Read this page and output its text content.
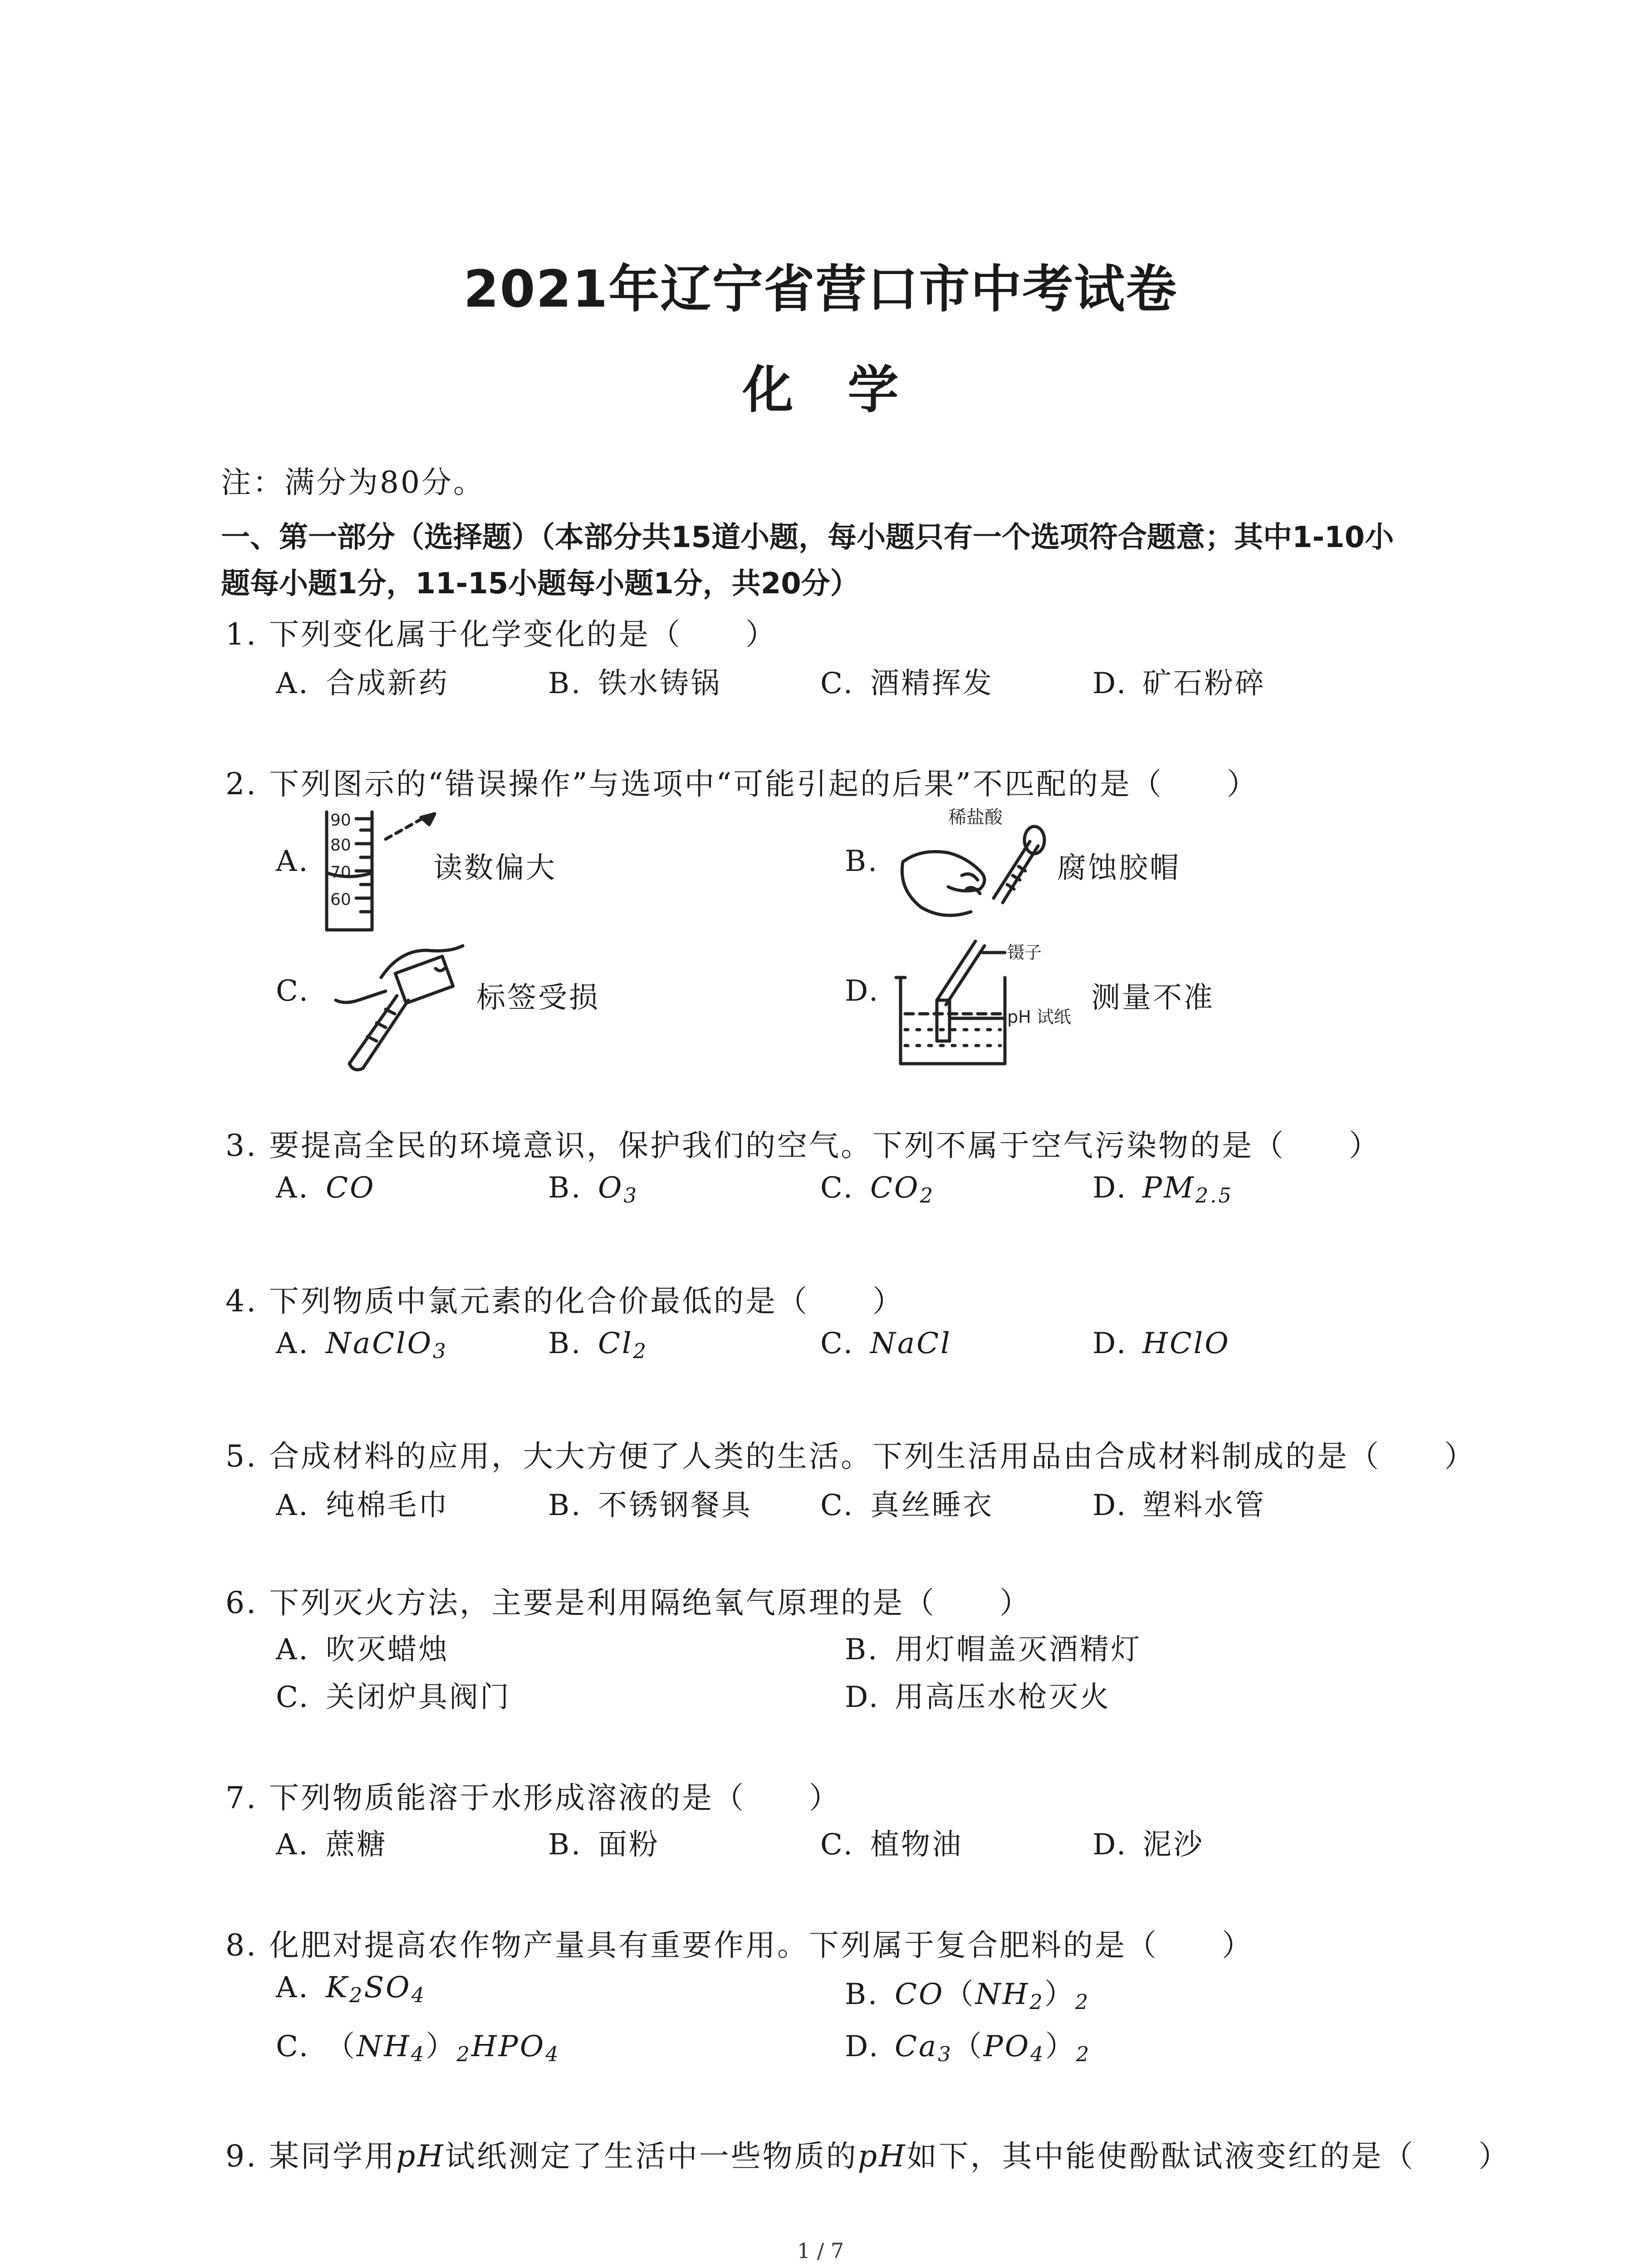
2021年辽宁省营口市中考试卷
化学
注：满分为80分。
一、第一部分（选择题）（本部分共15道小题，每小题只有一个选项符合题意；其中1-10小
题每小题1分，11-15小题每小题1分，共20分）
1. 下列变化属于化学变化的是（　　）
A. 合成新药	B. 铁水铸锅	C. 酒精挥发	D. 矿石粉碎
2. 下列图示的“错误操作”与选项中“可能引起的后果”不匹配的是（　　）
A.
90
80
70
60
读数偏大	B.
稀盐酸
腐蚀胶帽
C.	标签受损	D.
镊子
pH 试纸
测量不准
3. 要提高全民的环境意识，保护我们的空气。下列不属于空气污染物的是（　　）
A. CO	B. $O_3$	C. $CO_2$	D. $PM_{2.5}$
4. 下列物质中氯元素的化合价最低的是（　　）
A. NaClO$_3$	B. $Cl_2$	C. NaCl	D. HClO
5. 合成材料的应用，大大方便了人类的生活。下列生活用品由合成材料制成的是（　　）
A. 纯棉毛巾	B. 不锈钢餐具 C. 真丝睡衣	D. 塑料水管
6. 下列灭火方法，主要是利用隔绝氧气原理的是（　　）
A. 吹灭蜡烛	B. 用灯帽盖灭酒精灯
C. 关闭炉具阀门	D. 用高压水枪灭火
7. 下列物质能溶于水形成溶液的是（　　）
A. 蔗糖	B. 面粉	C. 植物油	D. 泥沙
8. 化肥对提高农作物产量具有重要作用。下列属于复合肥料的是（　　）
A. $K_2SO_4$	B. $CO(NH_2)_2$
C. $(NH_4)_2HPO_4$	D. $Ca_3(PO_4)_2$
9. 某同学用pH试纸测定了生活中一些物质的pH如下，其中能使酚酞试液变红的是（　　）
1 / 7
